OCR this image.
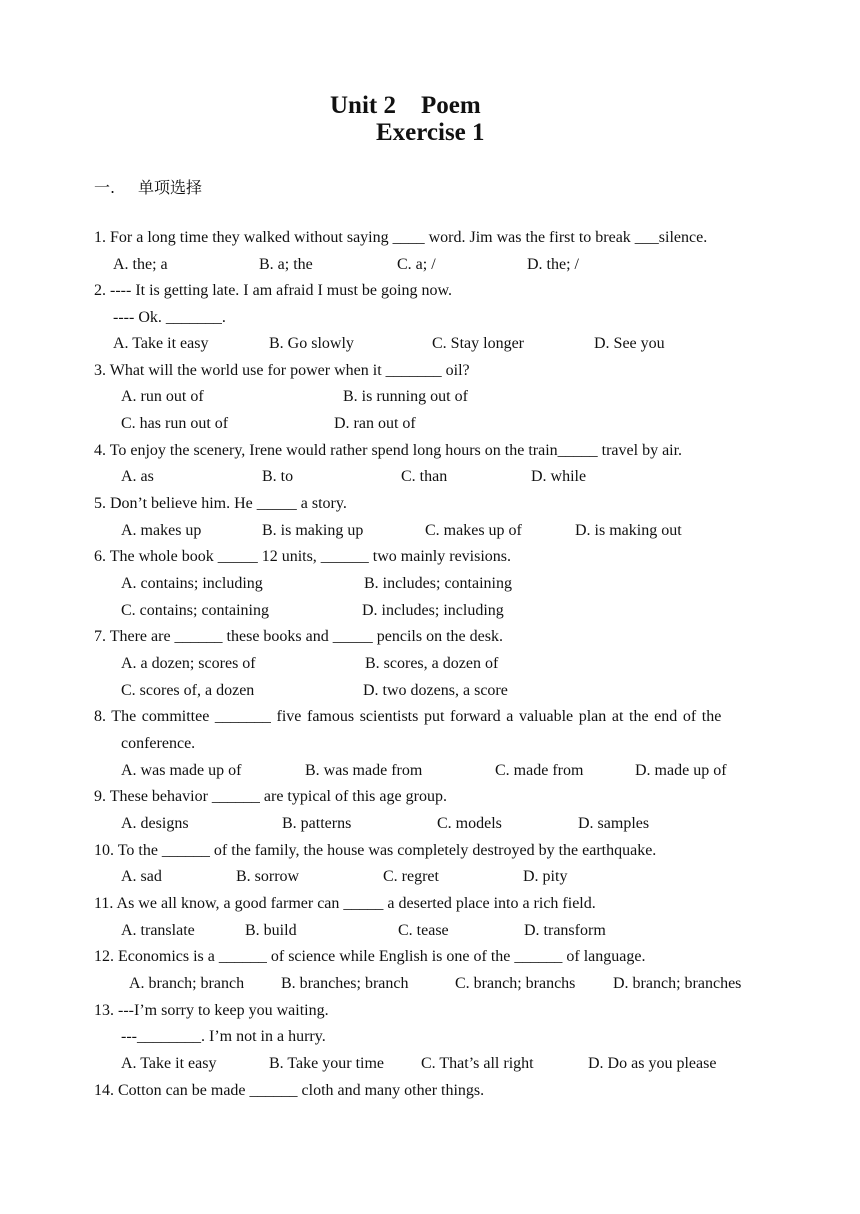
Unit 2    Poem
Exercise 1
一. 单项选择
1. For a long time they walked without saying ____ word. Jim was the first to break ___silence.
A. the; a	B. a; the	C. a; /	D. the; /
2. ---- It is getting late. I am afraid I must be going now.
---- Ok. _______.
A. Take it easy	B. Go slowly	C. Stay longer	D. See you
3. What will the world use for power when it _______ oil?
A. run out of	B. is running out of
C. has run out of	D. ran out of
4. To enjoy the scenery, Irene would rather spend long hours on the train_____ travel by air.
A. as	B. to	C. than	D. while
5. Don’t believe him. He _____ a story.
A. makes up	B. is making up	C. makes up of	D. is making out
6. The whole book _____ 12 units, ______ two mainly revisions.
A. contains; including	B. includes; containing
C. contains; containing	D. includes; including
7. There are ______ these books and _____ pencils on the desk.
A. a dozen; scores of	B. scores, a dozen of
C. scores of, a dozen	D. two dozens, a score
8. The committee _______ five famous scientists put forward a valuable plan at the end of the
conference.
A. was made up of	B. was made from	C. made from	D. made up of
9. These behavior ______ are typical of this age group.
A. designs	B. patterns	C. models	D. samples
10. To the ______ of the family, the house was completely destroyed by the earthquake.
A. sad	B. sorrow	C. regret	D. pity
11. As we all know, a good farmer can _____ a deserted place into a rich field.
A. translate	B. build	C. tease	D. transform
12. Economics is a ______ of science while English is one of the ______ of language.
A. branch; branch B. branches; branch	C. branch; branchs D. branch; branches
13. ---I’m sorry to keep you waiting.
---________. I’m not in a hurry.
A. Take it easy	B. Take your time C. That’s all right	D. Do as you please
14. Cotton can be made ______ cloth and many other things.
